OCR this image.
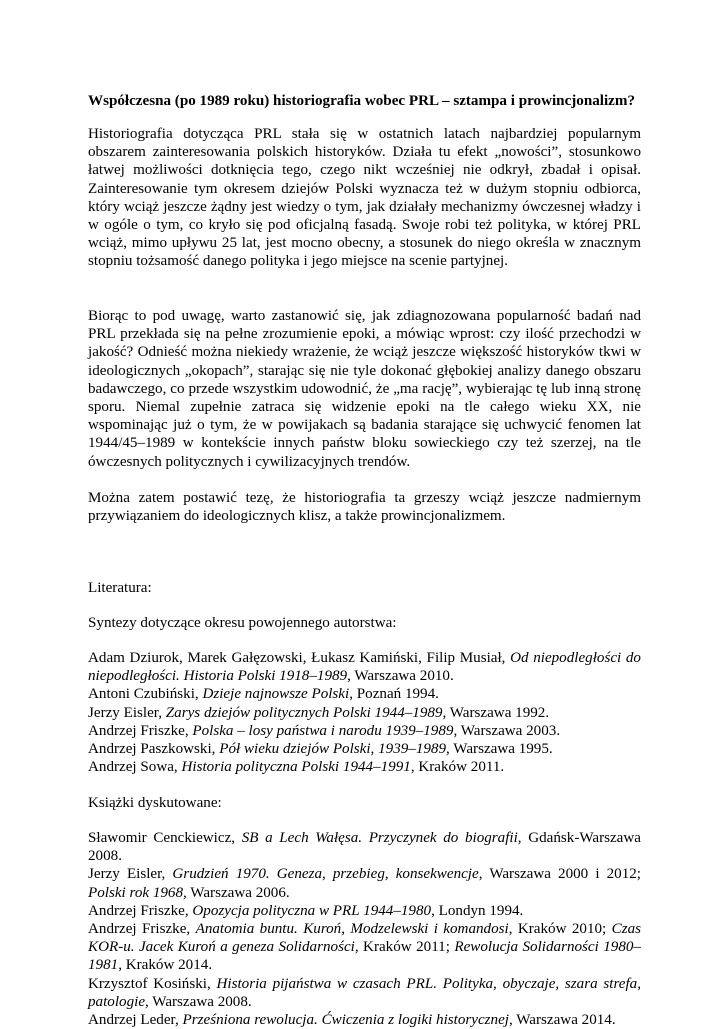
Współczesna (po 1989 roku) historiografia wobec PRL – sztampa i prowincjonalizm?

Historiografia dotycząca PRL stała się w ostatnich latach najbardziej popularnym obszarem zainteresowania polskich historyków. Działa tu efekt „nowości”, stosunkowo łatwej możliwości dotknięcia tego, czego nikt wcześniej nie odkrył, zbadał i opisał. Zainteresowanie tym okresem dziejów Polski wyznacza też w dużym stopniu odbiorca, który wciąż jeszcze żądny jest wiedzy o tym, jak działały mechanizmy ówczesnej władzy i w ogóle o tym, co kryło się pod oficjalną fasadą. Swoje robi też polityka, w której PRL wciąż, mimo upływu 25 lat, jest mocno obecny, a stosunek do niego określa w znacznym stopniu tożsamość danego polityka i jego miejsce na scenie partyjnej.

Biorąc to pod uwagę, warto zastanowić się, jak zdiagnozowana popularność badań nad PRL przekłada się na pełne zrozumienie epoki, a mówiąc wprost: czy ilość przechodzi w jakość? Odnieść można niekiedy wrażenie, że wciąż jeszcze większość historyków tkwi w ideologicznych „okopach”, starając się nie tyle dokonać głębokiej analizy danego obszaru badawczego, co przede wszystkim udowodnić, że „ma rację”, wybierając tę lub inną stronę sporu. Niemal zupełnie zatraca się widzenie epoki na tle całego wieku XX, nie wspominając już o tym, że w powijakach są badania starające się uchwycić fenomen lat 1944/45–1989 w kontekście innych państw bloku sowieckiego czy też szerzej, na tle ówczesnych politycznych i cywilizacyjnych trendów.

Można zatem postawić tezę, że historiografia ta grzeszy wciąż jeszcze nadmiernym przywiązaniem do ideologicznych klisz, a także prowincjonalizmem.

Literatura:

Syntezy dotyczące okresu powojennego autorstwa:

Adam Dziurok, Marek Gałęzowski, Łukasz Kamiński, Filip Musiał, Od niepodległości do niepodległości. Historia Polski 1918–1989, Warszawa 2010.
Antoni Czubiński, Dzieje najnowsze Polski, Poznań 1994.
Jerzy Eisler, Zarys dziejów politycznych Polski 1944–1989, Warszawa 1992.
Andrzej Friszke, Polska – losy państwa i narodu 1939–1989, Warszawa 2003.
Andrzej Paszkowski, Pół wieku dziejów Polski, 1939–1989, Warszawa 1995.
Andrzej Sowa, Historia polityczna Polski 1944–1991, Kraków 2011.

Książki dyskutowane:

Sławomir Cenckiewicz, SB a Lech Wałęsa. Przyczynek do biografii, Gdańsk-Warszawa 2008.
Jerzy Eisler, Grudzień 1970. Geneza, przebieg, konsekwencje, Warszawa 2000 i 2012; Polski rok 1968, Warszawa 2006.
Andrzej Friszke, Opozycja polityczna w PRL 1944–1980, Londyn 1994.
Andrzej Friszke, Anatomia buntu. Kuroń, Modzelewski i komandosi, Kraków 2010; Czas KOR-u. Jacek Kuroń a geneza Solidarności, Kraków 2011; Rewolucja Solidarności 1980–1981, Kraków 2014.
Krzysztof Kosiński, Historia pijaństwa w czasach PRL. Polityka, obyczaje, szara strefa, patologie, Warszawa 2008.
Andrzej Leder, Prześniona rewolucja. Ćwiczenia z logiki historycznej, Warszawa 2014.
